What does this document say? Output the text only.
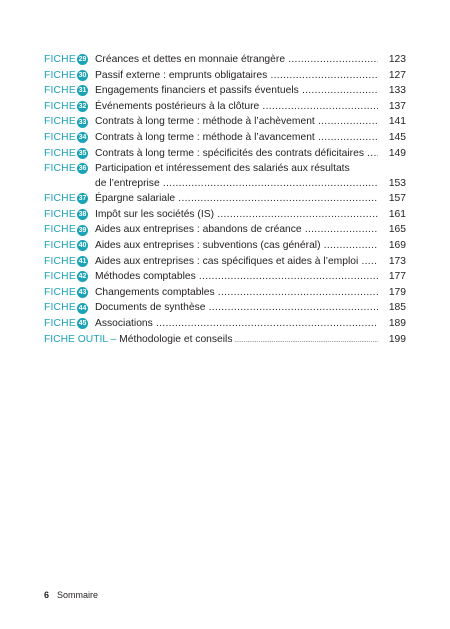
FICHE 29 Créances et dettes en monnaie étrangère .....	123
FICHE 30 Passif externe : emprunts obligataires .....	127
FICHE 31 Engagements financiers et passifs éventuels .....	133
FICHE 32 Événements postérieurs à la clôture .....	137
FICHE 33 Contrats à long terme : méthode à l’achèvement .....	141
FICHE 34 Contrats à long terme : méthode à l’avancement .....	145
FICHE 35 Contrats à long terme : spécificités des contrats déficitaires .....	149
FICHE 36 Participation et intéressement des salariés aux résultats
de l’entreprise .....	153
FICHE 37 Épargne salariale .....	157
FICHE 38 Impôt sur les sociétés (IS) .....	161
FICHE 39 Aides aux entreprises : abandons de créance .....	165
FICHE 40 Aides aux entreprises : subventions (cas général) .....	169
FICHE 41 Aides aux entreprises : cas spécifiques et aides à l’emploi .....	173
FICHE 42 Méthodes comptables .....	177
FICHE 43 Changements comptables .....	179
FICHE 44 Documents de synthèse .....	185
FICHE 45 Associations .....	189
FICHE OUTIL – Méthodologie et conseils .....	199
6 Sommaire
